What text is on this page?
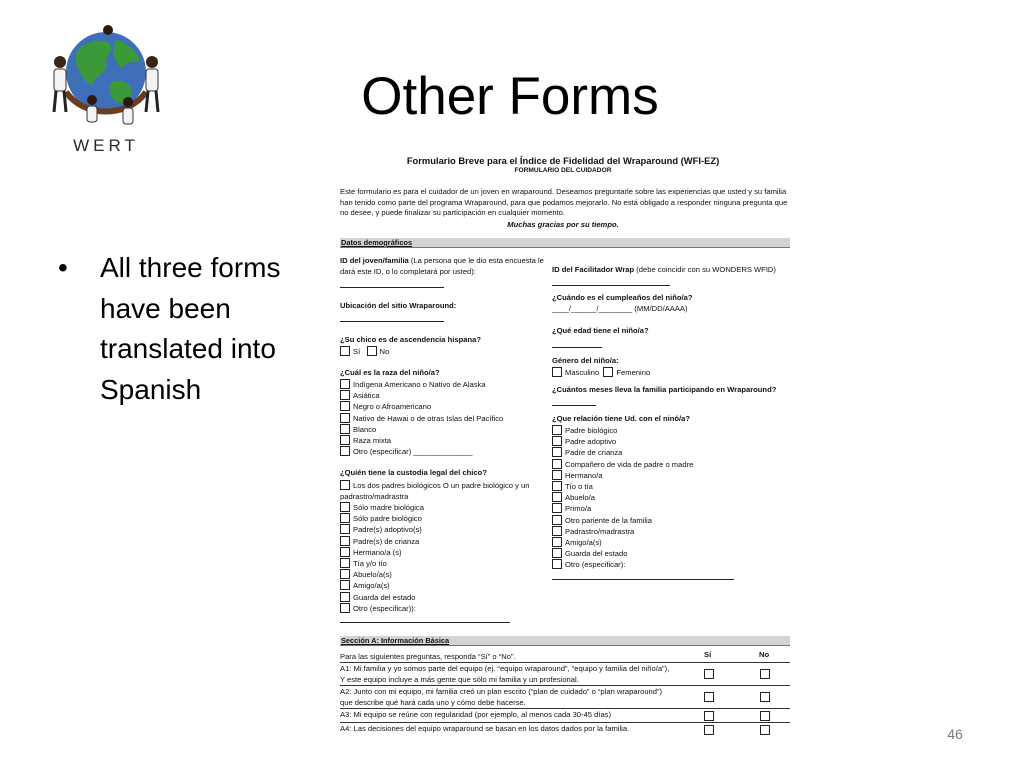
WERT
Other Forms
• All three forms have been translated into Spanish
Formulario Breve para el Índice de Fidelidad del Wraparound (WFI-EZ)
FORMULARIO DEL CUIDADOR
Este formulario es para el cuidador de un joven en wraparound. Deseamos preguntarle sobre las experiencias que usted y su familia han tenido como parte del programa Wraparound, para que podamos mejorarlo. No está obligado a responder ninguna pregunta que no desee, y puede finalizar su participación en cualquier momento.
Muchas gracias por su tiempo.
Datos demográficos
ID del joven/familia (La persona que le dio esta encuesta le dará este ID, o lo completará por usted):
Ubicación del sitio Wraparound:
¿Su chico es de ascendencia hispana?
Sí	No
¿Cuál es la raza del niño/a?
Indígena Americano o Nativo de Alaska
Asiática
Negro o Afroamericano
Nativo de Hawai o de otras Islas del Pacífico
Blanco
Raza mixta
Otro (especificar) ______________
¿Quién tiene la custodia legal del chico?
Los dos padres biológicos O un padre biológico y un padrastro/madrastra
Sólo madre biológica
Sólo padre biológico
Padre(s) adoptivo(s)
Padre(s) de crianza
Hermano/a (s)
Tía y/o tío
Abuelo/a(s)
Amigo/a(s)
Guarda del estado
Otro (especificar)):
ID del Facilitador Wrap (debe coincidir con su WONDERS WFID)
¿Cuándo es el cumpleaños del niño/a?
____/______/________ (MM/DD/AAAA)
¿Qué edad tiene el niño/a?
Género del niño/a:
Masculino Femenino
¿Cuántos meses lleva la familia participando en Wraparound?
¿Que relación tiene Ud. con el ninó/a?
Padre biológico
Padre adoptivo
Padre de crianza
Compañero de vida de padre o madre
Hermano/a
Tío o tía
Abuelo/a
Primo/a
Otro pariente de la familia
Padrastro/madrastra
Amigo/a(s)
Guarda del estado
Otro (especificar):
Sección A: Información Básica
Para las siguientes preguntas, responda “Sí” o “No”.	Sí	No
A1: Mi familia y yo somos parte del equipo (ej. “equipo wraparound”, “equipo y familia del niño/a”), Y este equipo incluye a más gente que sólo mi familia y un profesional.
A2: Junto con mi equipo, mi familia creó un plan escrito (“plan de cuidado” o “plan wraparound”) que describe qué hará cada uno y cómo debe hacerse.
A3: Mi equipo se reúne con regularidad (por ejemplo, al menos cada 30-45 días)
A4: Las decisiones del equipo wraparound se basan en los datos dados por la familia.	46
